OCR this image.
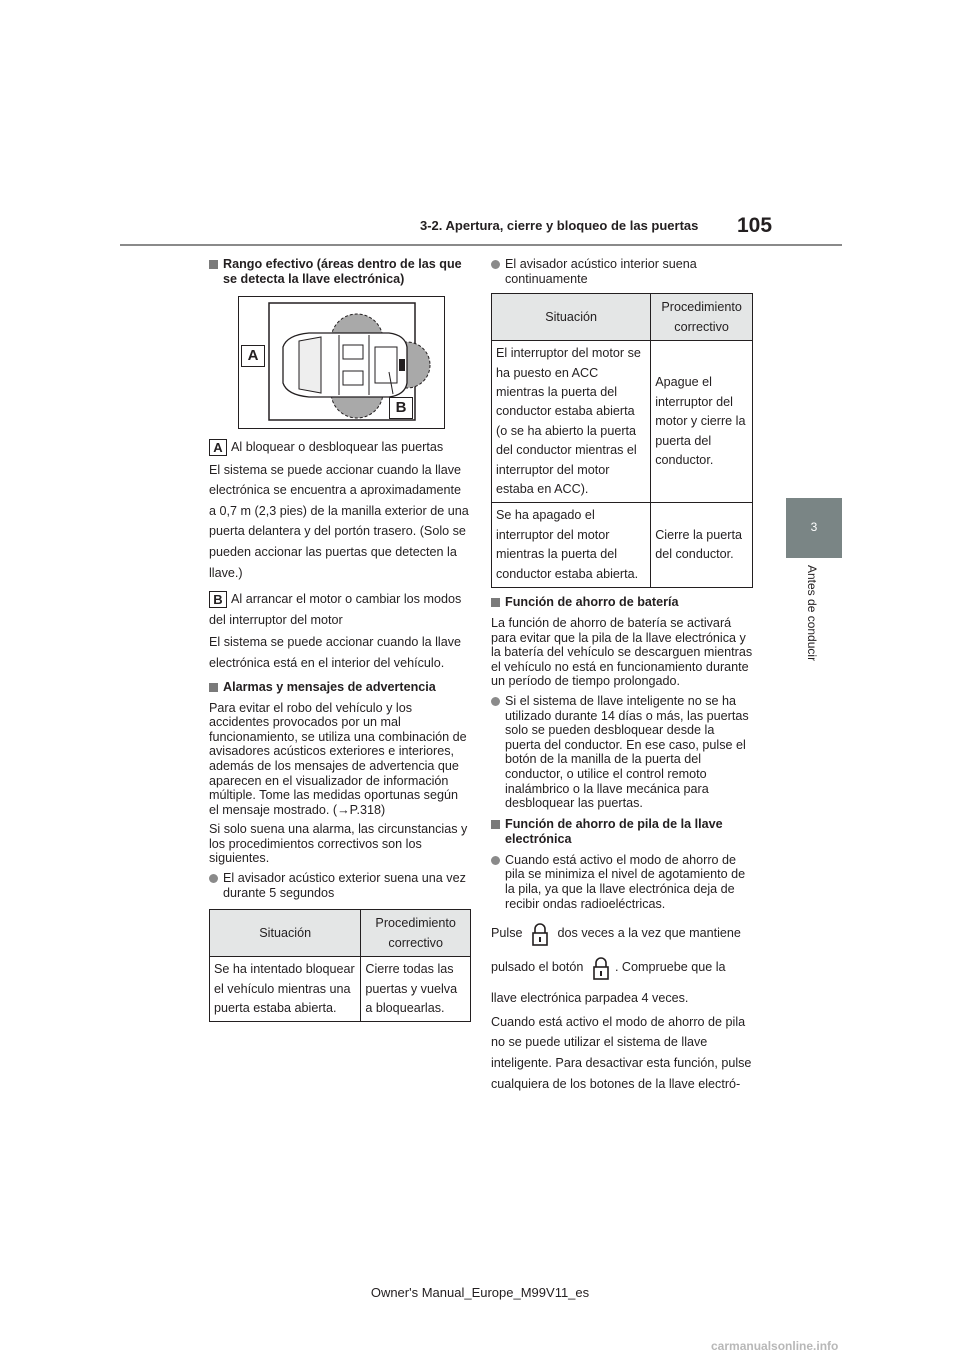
3-2. Apertura, cierre y bloqueo de las puertas 105
3
Antes de conducir
Rango efectivo (áreas dentro de las que se detecta la llave electrónica)
A
B
A Al bloquear o desbloquear las puertas

El sistema se puede accionar cuando la llave electrónica se encuentra a aproximadamente a 0,7 m (2,3 pies) de la manilla exterior de una puerta delantera y del portón trasero. (Solo se pueden accionar las puertas que detecten la llave.)

B Al arrancar el motor o cambiar los modos del interruptor del motor

El sistema se puede accionar cuando la llave electrónica está en el interior del vehículo.

Alarmas y mensajes de advertencia

Para evitar el robo del vehículo y los accidentes provocados por un mal funcionamiento, se utiliza una combinación de avisadores acústicos exteriores e interiores, además de los mensajes de advertencia que aparecen en el visualizador de información múltiple. Tome las medidas oportunas según el mensaje mostrado. (→P.318)

Si solo suena una alarma, las circunstancias y los procedimientos correctivos son los siguientes.

El avisador acústico exterior suena una vez durante 5 segundos
Situación	Procedimiento correctivo
Se ha intentado bloquear el vehículo mientras una puerta estaba abierta.	Cierre todas las puertas y vuelva a bloquearlas.
El avisador acústico interior suena continuamente
Situación	Procedimiento correctivo
El interruptor del motor se ha puesto en ACC mientras la puerta del conductor estaba abierta (o se ha abierto la puerta del conductor mientras el interruptor del motor estaba en ACC).	Apague el interruptor del motor y cierre la puerta del conductor.
Se ha apagado el interruptor del motor mientras la puerta del conductor estaba abierta.	Cierre la puerta del conductor.
Función de ahorro de batería

La función de ahorro de batería se activará para evitar que la pila de la llave electrónica y la batería del vehículo se descarguen mientras el vehículo no está en funcionamiento durante un período de tiempo prolongado.

Si el sistema de llave inteligente no se ha utilizado durante 14 días o más, las puertas solo se pueden desbloquear desde la puerta del conductor. En ese caso, pulse el botón de la manilla de la puerta del conductor, o utilice el control remoto inalámbrico o la llave mecánica para desbloquear las puertas.
Función de ahorro de pila de la llave electrónica
Cuando está activo el modo de ahorro de pila se minimiza el nivel de agotamiento de la pila, ya que la llave electrónica deja de recibir ondas radioeléctricas.
Pulse	dos veces a la vez que mantiene
pulsado el botón	. Compruebe que la

llave electrónica parpadea 4 veces.

Cuando está activo el modo de ahorro de pila no se puede utilizar el sistema de llave inteligente. Para desactivar esta función, pulse cualquiera de los botones de la llave electró-

Owner's Manual_Europe_M99V11_es
carmanualsonline.info
